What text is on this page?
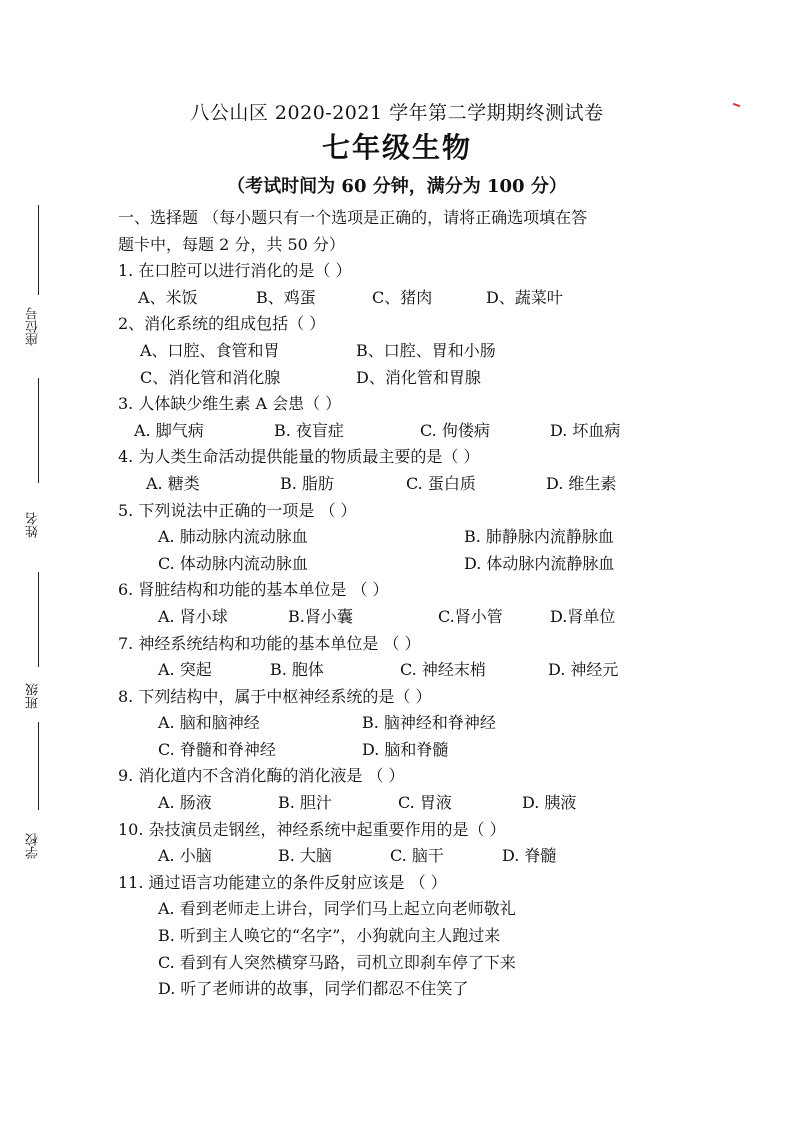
座位号
姓名
班级
学校
八公山区 2020-2021 学年第二学期期终测试卷
七年级生物
（考试时间为 60 分钟，满分为 100 分）
一、选择题 （每小题只有一个选项是正确的，请将正确选项填在答
题卡中，每题 2 分，共 50 分）
1. 在口腔可以进行消化的是（ ）
A、米饭	B、鸡蛋	C、猪肉	D、蔬菜叶
2、消化系统的组成包括（ ）
A、口腔、食管和胃	B、口腔、胃和小肠
C、消化管和消化腺	D、消化管和胃腺
3. 人体缺少维生素 A 会患（ ）
A. 脚气病	B. 夜盲症	C. 佝偻病	D. 坏血病
4. 为人类生命活动提供能量的物质最主要的是（ ）
A. 糖类	B. 脂肪	C. 蛋白质	D. 维生素
5. 下列说法中正确的一项是 （ ）
A. 肺动脉内流动脉血	B. 肺静脉内流静脉血
C. 体动脉内流动脉血	D. 体动脉内流静脉血
6. 肾脏结构和功能的基本单位是 （ ）
A. 肾小球	B.肾小囊	C.肾小管	D.肾单位
7. 神经系统结构和功能的基本单位是 （ ）
A. 突起	B. 胞体	C. 神经末梢	D. 神经元
8. 下列结构中，属于中枢神经系统的是（ ）
A. 脑和脑神经	B. 脑神经和脊神经
C. 脊髓和脊神经	D. 脑和脊髓
9. 消化道内不含消化酶的消化液是 （ ）
A. 肠液	B. 胆汁	C. 胃液	D. 胰液
10. 杂技演员走钢丝，神经系统中起重要作用的是（ ）
A. 小脑	B. 大脑	C. 脑干	D. 脊髓
11. 通过语言功能建立的条件反射应该是 （ ）
A. 看到老师走上讲台，同学们马上起立向老师敬礼
B. 听到主人唤它的“名字”，小狗就向主人跑过来
C. 看到有人突然横穿马路，司机立即刹车停了下来
D. 听了老师讲的故事，同学们都忍不住笑了
